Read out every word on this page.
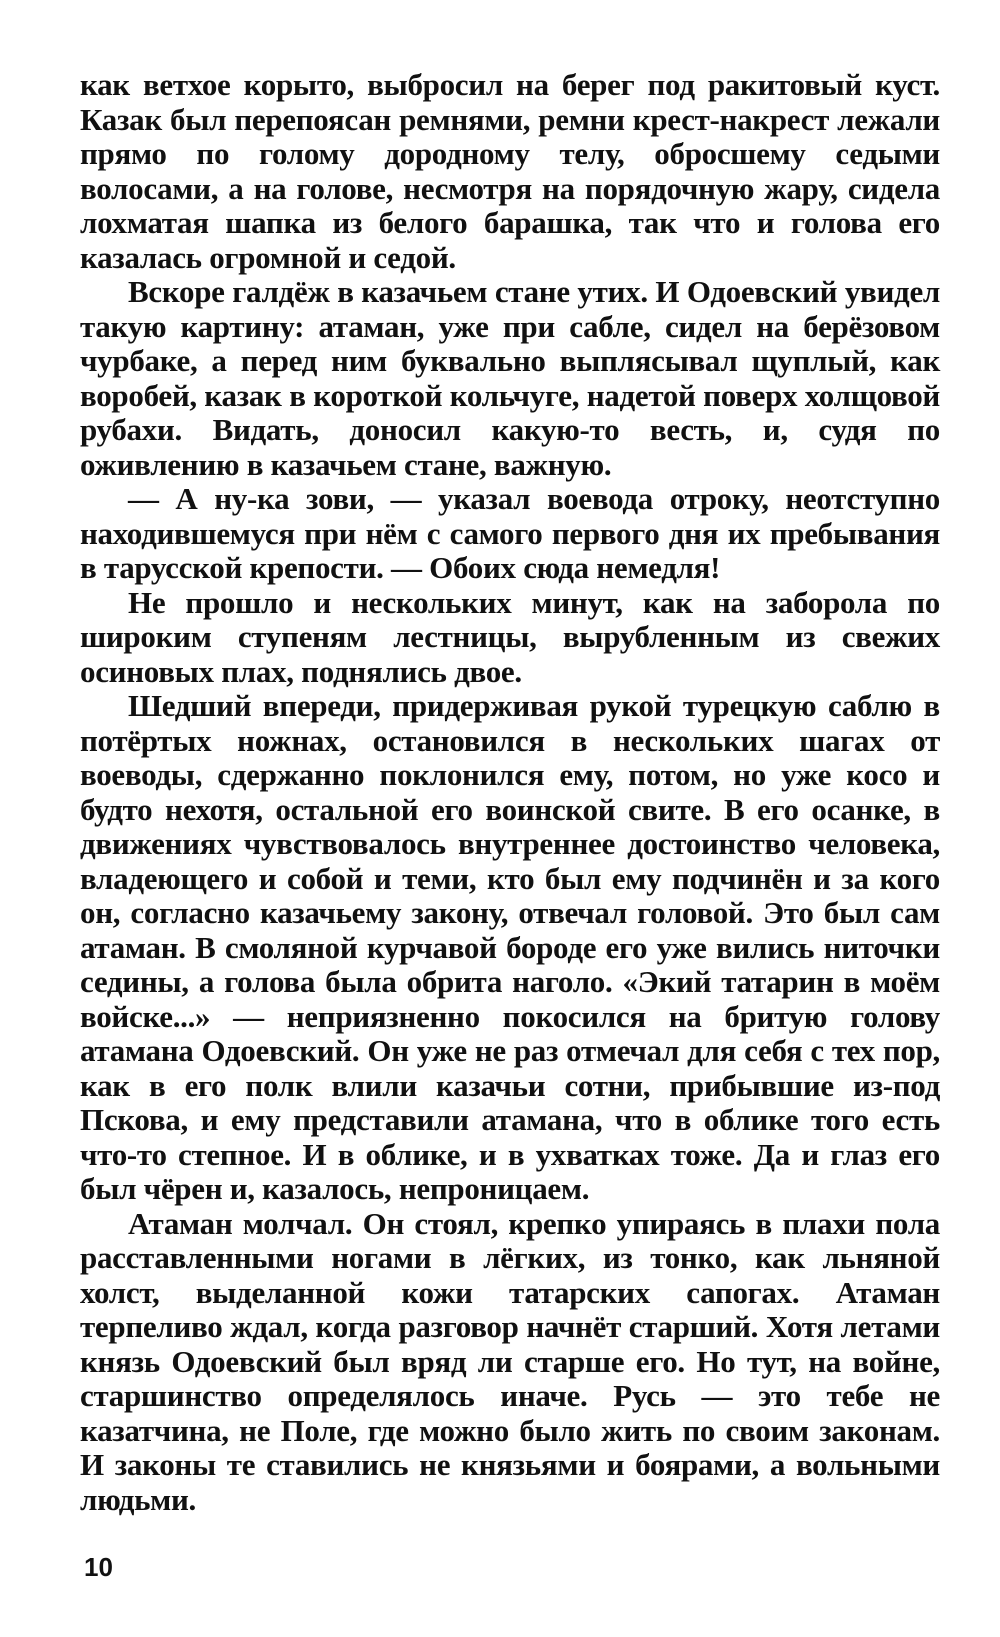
как ветхое корыто, выбросил на берег под ракитовый куст. Казак был перепоясан ремнями, ремни крест-накрест лежали прямо по голому дородному телу, обросшему седыми волосами, а на голове, несмотря на порядочную жару, сидела лохматая шапка из белого барашка, так что и голова его казалась огромной и седой.

Вскоре галдёж в казачьем стане утих. И Одоевский увидел такую картину: атаман, уже при сабле, сидел на берёзовом чурбаке, а перед ним буквально выплясывал щуплый, как воробей, казак в короткой кольчуге, надетой поверх холщовой рубахи. Видать, доносил какую-то весть, и, судя по оживлению в казачьем стане, важную.

— А ну-ка зови, — указал воевода отроку, неотступно находившемуся при нём с самого первого дня их пребывания в тарусской крепости. — Обоих сюда немедля!

Не прошло и нескольких минут, как на заборола по широким ступеням лестницы, вырубленным из свежих осиновых плах, поднялись двое.

Шедший впереди, придерживая рукой турецкую саблю в потёртых ножнах, остановился в нескольких шагах от воеводы, сдержанно поклонился ему, потом, но уже косо и будто нехотя, остальной его воинской свите. В его осанке, в движениях чувствовалось внутреннее достоинство человека, владеющего и собой и теми, кто был ему подчинён и за кого он, согласно казачьему закону, отвечал головой. Это был сам атаман. В смоляной курчавой бороде его уже вились ниточки седины, а голова была обрита наголо. «Экий татарин в моём войске...» — неприязненно покосился на бритую голову атамана Одоевский. Он уже не раз отмечал для себя с тех пор, как в его полк влили казачьи сотни, прибывшие из-под Пскова, и ему представили атамана, что в облике того есть что-то степное. И в облике, и в ухватках тоже. Да и глаз его был чёрен и, казалось, непроницаем.

Атаман молчал. Он стоял, крепко упираясь в плахи пола расставленными ногами в лёгких, из тонко, как льняной холст, выделанной кожи татарских сапогах. Атаман терпеливо ждал, когда разговор начнёт старший. Хотя летами князь Одоевский был вряд ли старше его. Но тут, на войне, старшинство определялось иначе. Русь — это тебе не казатчина, не Поле, где можно было жить по своим законам. И законы те ставились не князьями и боярами, а вольными людьми.

10
